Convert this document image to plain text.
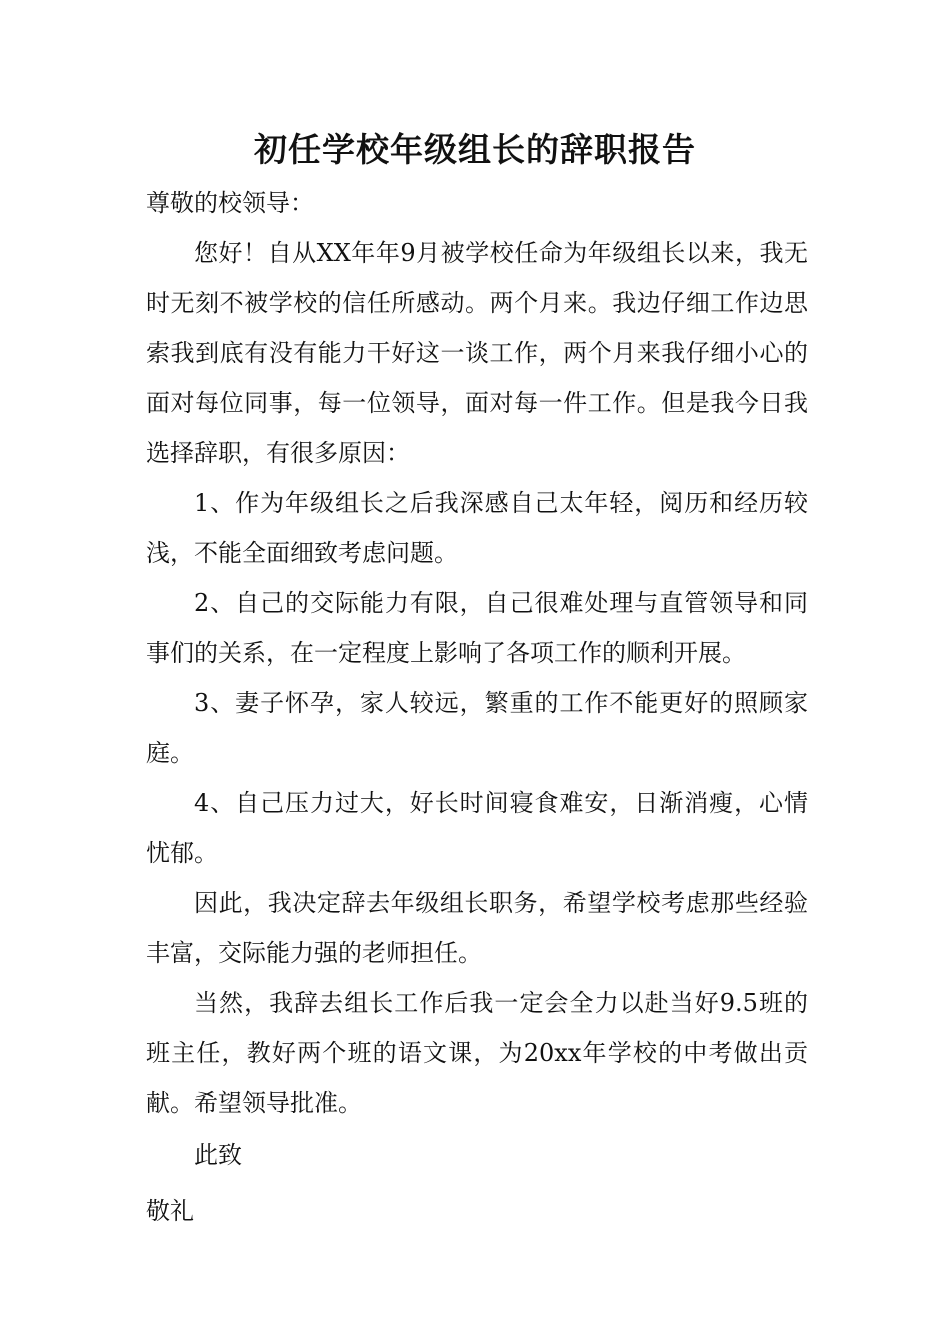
初任学校年级组长的辞职报告

尊敬的校领导：

您好！自从XX年年9月被学校任命为年级组长以来，我无时无刻不被学校的信任所感动。两个月来。我边仔细工作边思索我到底有没有能力干好这一谈工作，两个月来我仔细小心的面对每位同事，每一位领导，面对每一件工作。但是我今日我选择辞职，有很多原因：

1、作为年级组长之后我深感自己太年轻，阅历和经历较浅，不能全面细致考虑问题。

2、自己的交际能力有限，自己很难处理与直管领导和同事们的关系，在一定程度上影响了各项工作的顺利开展。

3、妻子怀孕，家人较远，繁重的工作不能更好的照顾家庭。

4、自己压力过大，好长时间寝食难安，日渐消瘦，心情忧郁。

因此，我决定辞去年级组长职务，希望学校考虑那些经验丰富，交际能力强的老师担任。

当然，我辞去组长工作后我一定会全力以赴当好9.5班的班主任，教好两个班的语文课，为20xx年学校的中考做出贡献。希望领导批准。

此致

敬礼
